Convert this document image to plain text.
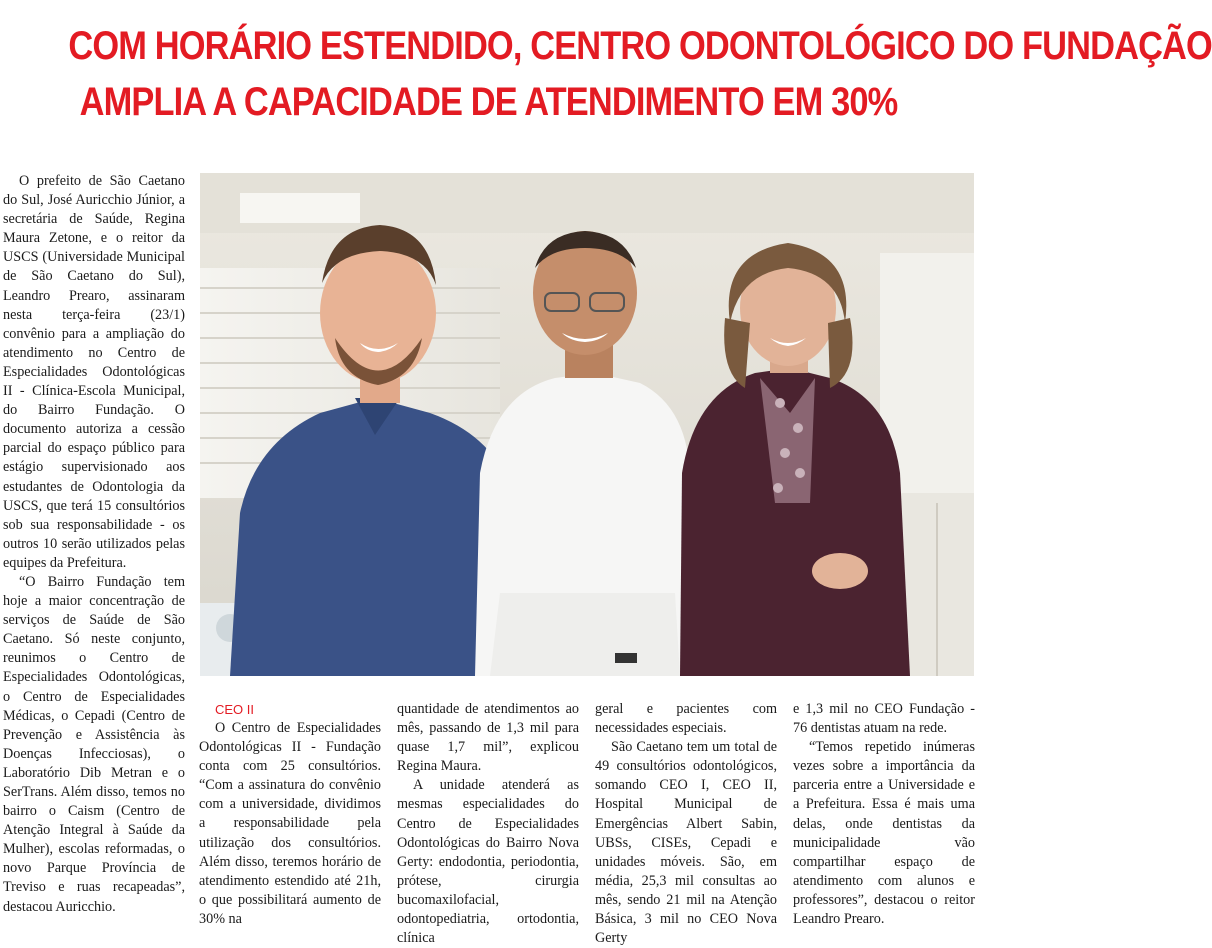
COM HORÁRIO ESTENDIDO, CENTRO ODONTOLÓGICO DO FUNDAÇÃO
AMPLIA A CAPACIDADE DE ATENDIMENTO EM 30%

O prefeito de São Caetano do Sul, José Auricchio Júnior, a secretária de Saúde, Regina Maura Zetone, e o reitor da USCS (Universidade Municipal de São Caetano do Sul), Leandro Prearo, assinaram nesta terça-feira (23/1) convênio para a ampliação do atendimento no Centro de Especialidades Odontológicas II - Clínica-Escola Municipal, do Bairro Fundação. O documento autoriza a cessão parcial do espaço público para estágio supervisionado aos estudantes de Odontologia da USCS, que terá 15 consultórios sob sua responsabilidade - os outros 10 serão utilizados pelas equipes da Prefeitura.

“O Bairro Fundação tem hoje a maior concentração de serviços de Saúde de São Caetano. Só neste conjunto, reunimos o Centro de Especialidades Odontológicas, o Centro de Especialidades Médicas, o Cepadi (Centro de Prevenção e Assistência às Doenças Infecciosas), o Laboratório Dib Metran e o SerTrans. Além disso, temos no bairro o Caism (Centro de Atenção Integral à Saúde da Mulher), escolas reformadas, o novo Parque Província de Treviso e ruas recapeadas”, destacou Auricchio.

CEO II

O Centro de Especialidades Odontológicas II - Fundação conta com 25 consultórios. “Com a assinatura do convênio com a universidade, dividimos a responsabilidade pela utilização dos consultórios. Além disso, teremos horário de atendimento estendido até 21h, o que possibilitará aumento de 30% na

quantidade de atendimentos ao mês, passando de 1,3 mil para quase 1,7 mil”, explicou Regina Maura.

A unidade atenderá as mesmas especialidades do Centro de Especialidades Odontológicas do Bairro Nova Gerty: endodontia, periodontia, prótese, cirurgia bucomaxilofacial, odontopediatria, ortodontia, clínica

geral e pacientes com necessidades especiais.

São Caetano tem um total de 49 consultórios odontológicos, somando CEO I, CEO II, Hospital Municipal de Emergências Albert Sabin, UBSs, CISEs, Cepadi e unidades móveis. São, em média, 25,3 mil consultas ao mês, sendo 21 mil na Atenção Básica, 3 mil no CEO Nova Gerty

e 1,3 mil no CEO Fundação - 76 dentistas atuam na rede.

“Temos repetido inúmeras vezes sobre a importância da parceria entre a Universidade e a Prefeitura. Essa é mais uma delas, onde dentistas da municipalidade vão compartilhar espaço de atendimento com alunos e professores”, destacou o reitor Leandro Prearo.
